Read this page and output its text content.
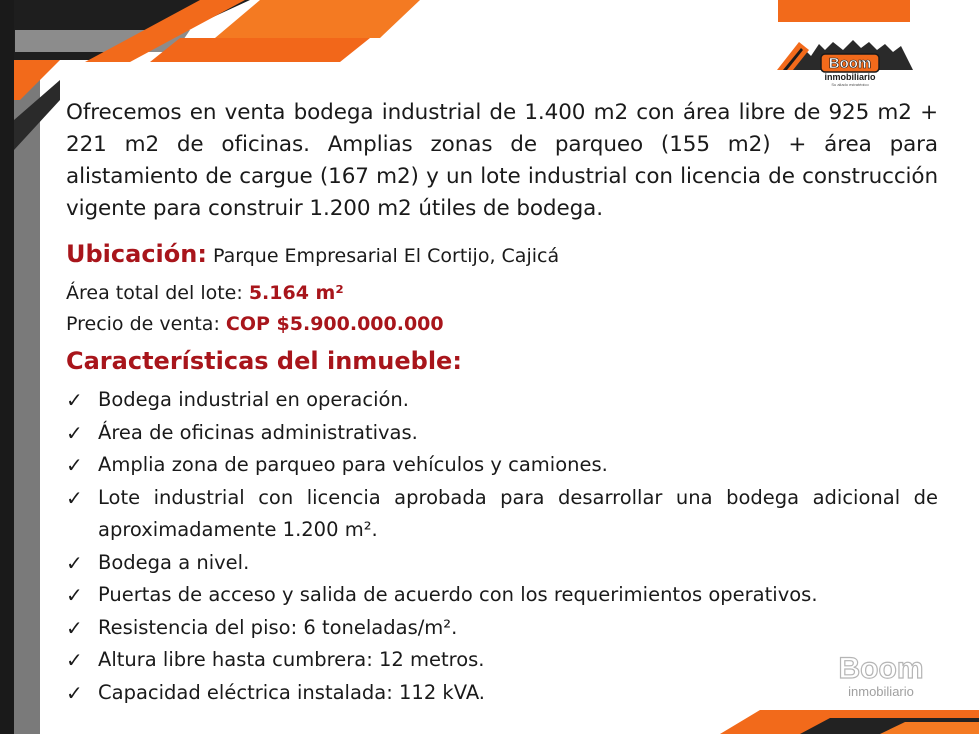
Boom
inmobiliario
Su aliado estratégico
Ofrecemos en venta bodega industrial de 1.400 m2 con área libre de 925 m2 + 221 m2 de oficinas. Amplias zonas de parqueo (155 m2) + área para alistamiento de cargue (167 m2) y un lote industrial con licencia de construcción vigente para construir 1.200 m2 útiles de bodega.
Ubicación: Parque Empresarial El Cortijo, Cajicá
Área total del lote: 5.164 m²
Precio de venta: COP $5.900.000.000
Características del inmueble:
✓ Bodega industrial en operación.
✓ Área de oficinas administrativas.
✓ Amplia zona de parqueo para vehículos y camiones.
✓ Lote industrial con licencia aprobada para desarrollar una bodega adicional de aproximadamente 1.200 m².
✓ Bodega a nivel.
✓ Puertas de acceso y salida de acuerdo con los requerimientos operativos.
✓ Resistencia del piso: 6 toneladas/m².
✓ Altura libre hasta cumbrera: 12 metros.
✓ Capacidad eléctrica instalada: 112 kVA.
Boom
inmobiliario
